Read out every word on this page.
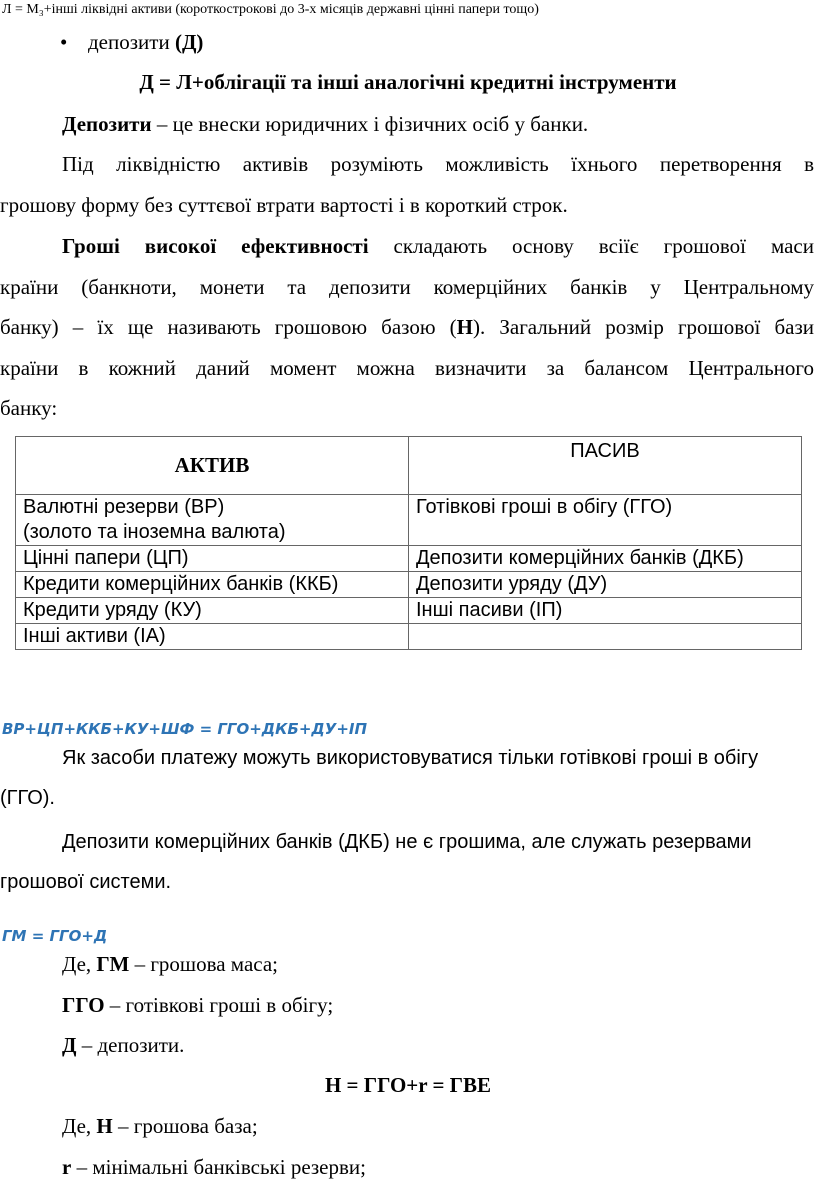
Л = М₃+інші ліквідні активи (короткострокові до 3-х місяців державні цінні папери тощо)
• депозити (Д)
Д = Л+облігації та інші аналогічні кредитні інструменти

Депозити – це внески юридичних і фізичних осіб у банки.

Під ліквідністю активів розуміють можливість їхнього перетворення в

грошову форму без суттєвої втрати вартості і в короткий строк.

Гроші високої ефективності складають основу всіїє грошової маси

країни (банкноти, монети та депозити комерційних банків у Центральному

банку) – їх ще називають грошовою базою (Н). Загальний розмір грошової бази

країни в кожний даний момент можна визначити за балансом Центрального

банку:

АКТИВ	ПАСИВ

Валютні резерви (ВР)
(золото та іноземна валюта)	Готівкові гроші в обігу (ГГО)
Цінні папери (ЦП)	Депозити комерційних банків (ДКБ)
Кредити комерційних банків (ККБ)	Депозити уряду (ДУ)
Кредити уряду (КУ)	Інші пасиви (ІП)
Інші активи (ІА)	
ВР+ЦП+ККБ+КУ+ШФ = ГГО+ДКБ+ДУ+ІП

Як засоби платежу можуть використовуватися тільки готівкові гроші в обігу

(ГГО).

Депозити комерційних банків (ДКБ) не є грошима, але служать резервами

грошової системи.

ГМ = ГГО+Д

Де, ГМ – грошова маса;

ГГО – готівкові гроші в обігу;

Д – депозити.

Н = ГГО+r = ГВЕ

Де, Н – грошова база;

r – мінімальні банківські резерви;
